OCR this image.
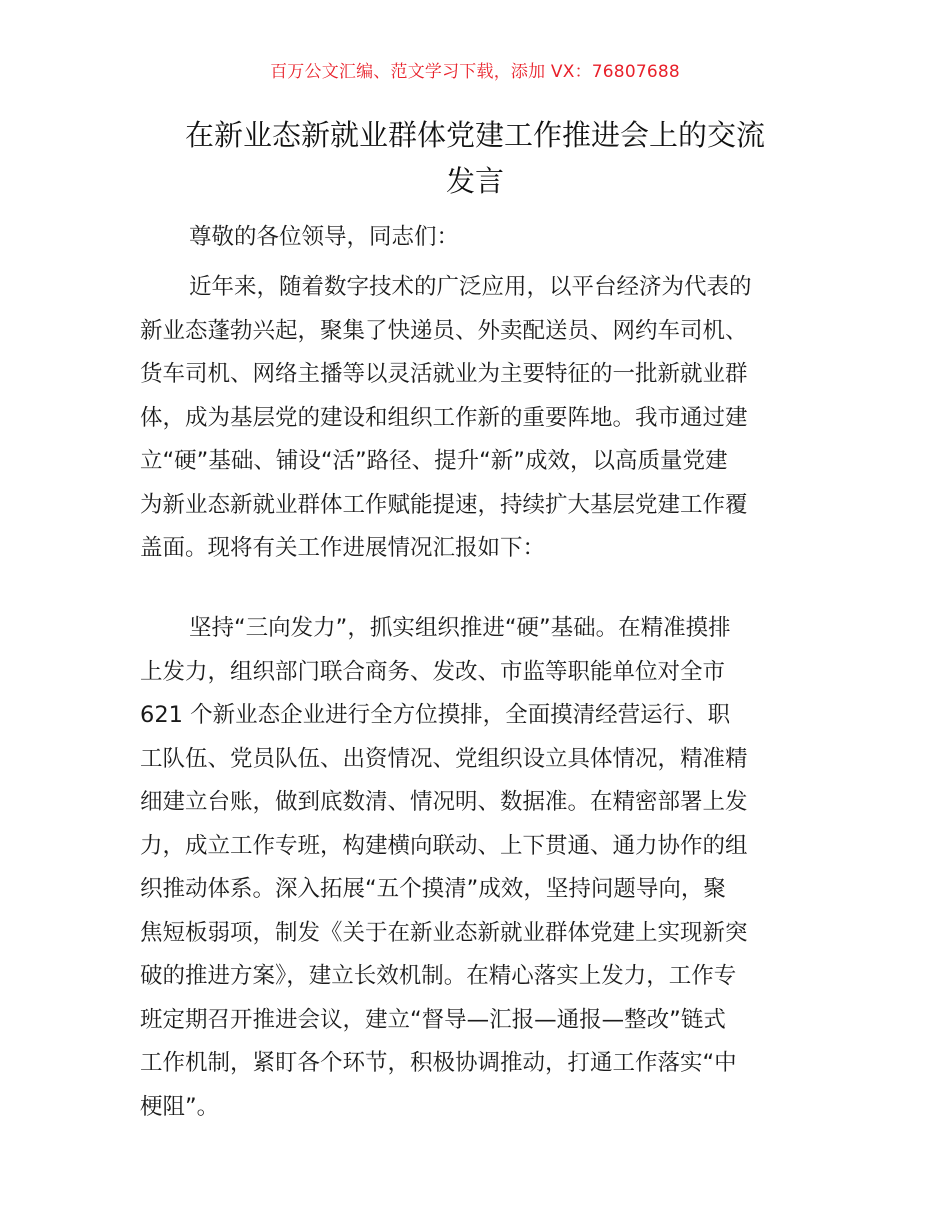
百万公文汇编、范文学习下载，添加 VX：76807688
在新业态新就业群体党建工作推进会上的交流
发言
尊敬的各位领导，同志们：
近年来，随着数字技术的广泛应用，以平台经济为代表的
新业态蓬勃兴起，聚集了快递员、外卖配送员、网约车司机、
货车司机、网络主播等以灵活就业为主要特征的一批新就业群
体，成为基层党的建设和组织工作新的重要阵地。我市通过建
立“硬”基础、铺设“活”路径、提升“新”成效，以高质量党建
为新业态新就业群体工作赋能提速，持续扩大基层党建工作覆
盖面。现将有关工作进展情况汇报如下：
坚持“三向发力”，抓实组织推进“硬”基础。在精准摸排
上发力，组织部门联合商务、发改、市监等职能单位对全市
621 个新业态企业进行全方位摸排，全面摸清经营运行、职
工队伍、党员队伍、出资情况、党组织设立具体情况，精准精
细建立台账，做到底数清、情况明、数据准。在精密部署上发
力，成立工作专班，构建横向联动、上下贯通、通力协作的组
织推动体系。深入拓展“五个摸清”成效，坚持问题导向，聚
焦短板弱项，制发《关于在新业态新就业群体党建上实现新突
破的推进方案》，建立长效机制。在精心落实上发力，工作专
班定期召开推进会议，建立“督导—汇报—通报—整改”链式
工作机制，紧盯各个环节，积极协调推动，打通工作落实“中
梗阻”。
